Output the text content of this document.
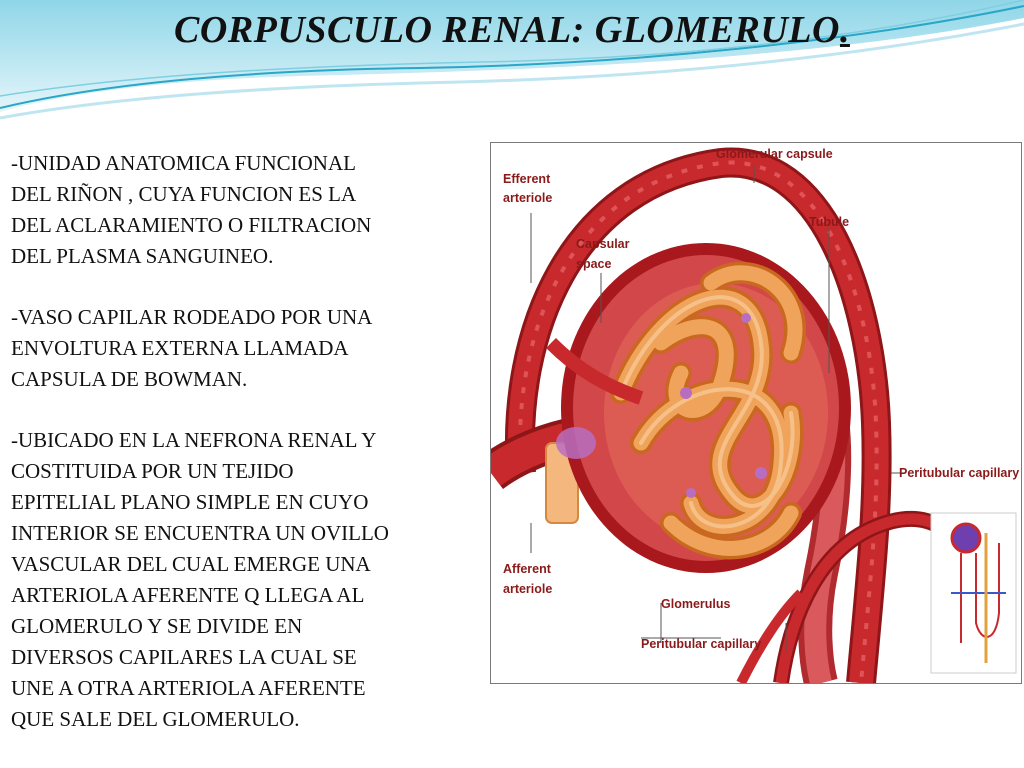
CORPUSCULO RENAL: GLOMERULO.

-UNIDAD ANATOMICA FUNCIONAL
DEL RIÑON , CUYA FUNCION ES LA
DEL ACLARAMIENTO O FILTRACION
DEL PLASMA SANGUINEO.

-VASO CAPILAR RODEADO POR UNA
ENVOLTURA EXTERNA LLAMADA
CAPSULA DE BOWMAN.

-UBICADO EN LA NEFRONA RENAL Y
COSTITUIDA POR UN TEJIDO
EPITELIAL PLANO SIMPLE EN CUYO
INTERIOR SE ENCUENTRA UN OVILLO
VASCULAR DEL CUAL EMERGE UNA
ARTERIOLA AFERENTE Q LLEGA AL
GLOMERULO Y SE DIVIDE EN
DIVERSOS CAPILARES LA CUAL SE
UNE A OTRA ARTERIOLA AFERENTE
QUE SALE DEL GLOMERULO.

Glomerular capsule
Efferent
arteriole
Capsular
space
Tubule
Peritubular capillary
Afferent
arteriole
Glomerulus
Peritubular capillary
